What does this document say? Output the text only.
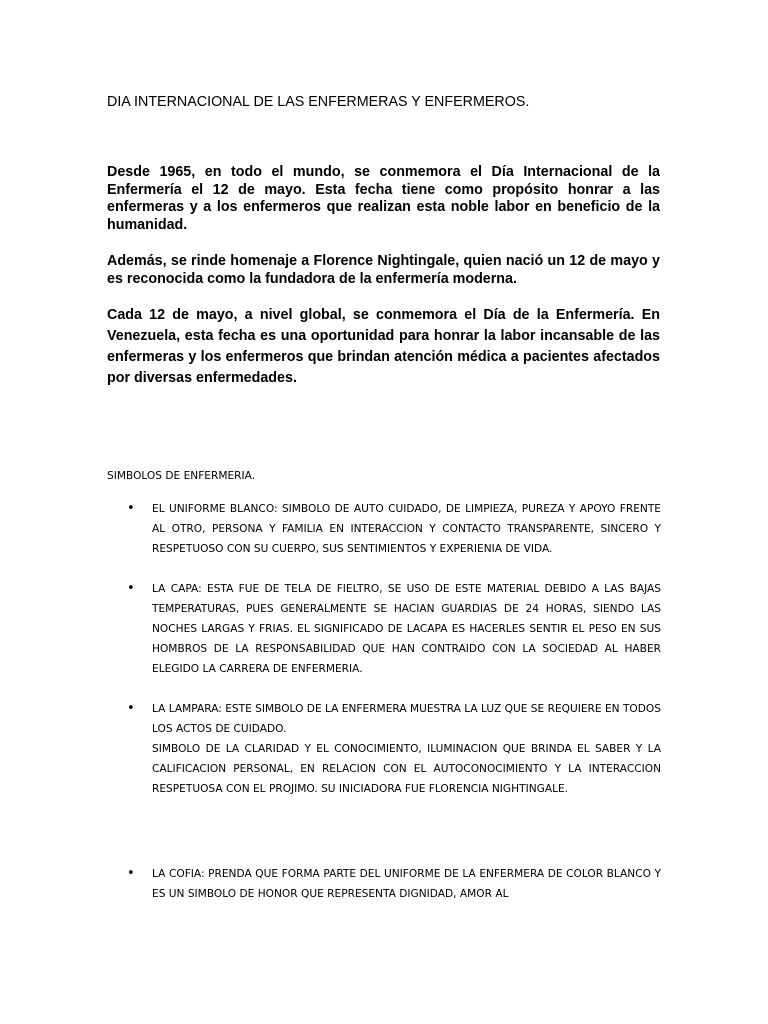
DIA INTERNACIONAL DE LAS ENFERMERAS Y ENFERMEROS.

Desde 1965, en todo el mundo, se conmemora el Día Internacional de la Enfermería el 12 de mayo. Esta fecha tiene como propósito honrar a las enfermeras y a los enfermeros que realizan esta noble labor en beneficio de la humanidad.

Además, se rinde homenaje a Florence Nightingale, quien nació un 12 de mayo y es reconocida como la fundadora de la enfermería moderna.

Cada 12 de mayo, a nivel global, se conmemora el Día de la Enfermería. En Venezuela, esta fecha es una oportunidad para honrar la labor incansable de las enfermeras y los enfermeros que brindan atención médica a pacientes afectados por diversas enfermedades.

SIMBOLOS DE ENFERMERIA.
• EL UNIFORME BLANCO: SIMBOLO DE AUTO CUIDADO, DE LIMPIEZA, PUREZA Y APOYO FRENTE AL OTRO, PERSONA Y FAMILIA EN INTERACCION Y CONTACTO TRANSPARENTE, SINCERO Y RESPETUOSO CON SU CUERPO, SUS SENTIMIENTOS Y EXPERIENIA DE VIDA.
• LA CAPA: ESTA FUE DE TELA DE FIELTRO, SE USO DE ESTE MATERIAL DEBIDO A LAS BAJAS TEMPERATURAS, PUES GENERALMENTE SE HACIAN GUARDIAS DE 24 HORAS, SIENDO LAS NOCHES LARGAS Y FRIAS. EL SIGNIFICADO DE LACAPA ES HACERLES SENTIR EL PESO EN SUS HOMBROS DE LA RESPONSABILIDAD QUE HAN CONTRAIDO CON LA SOCIEDAD AL HABER ELEGIDO LA CARRERA DE ENFERMERIA.
• LA LAMPARA: ESTE SIMBOLO DE LA ENFERMERA MUESTRA LA LUZ QUE SE REQUIERE EN TODOS LOS ACTOS DE CUIDADO.
SIMBOLO DE LA CLARIDAD Y EL CONOCIMIENTO, ILUMINACION QUE BRINDA EL SABER Y LA CALIFICACION PERSONAL, EN RELACION CON EL AUTOCONOCIMIENTO Y LA INTERACCION RESPETUOSA CON EL PROJIMO. SU INICIADORA FUE FLORENCIA NIGHTINGALE.
• LA COFIA: PRENDA QUE FORMA PARTE DEL UNIFORME DE LA ENFERMERA DE COLOR BLANCO Y ES UN SIMBOLO DE HONOR QUE REPRESENTA DIGNIDAD, AMOR AL
